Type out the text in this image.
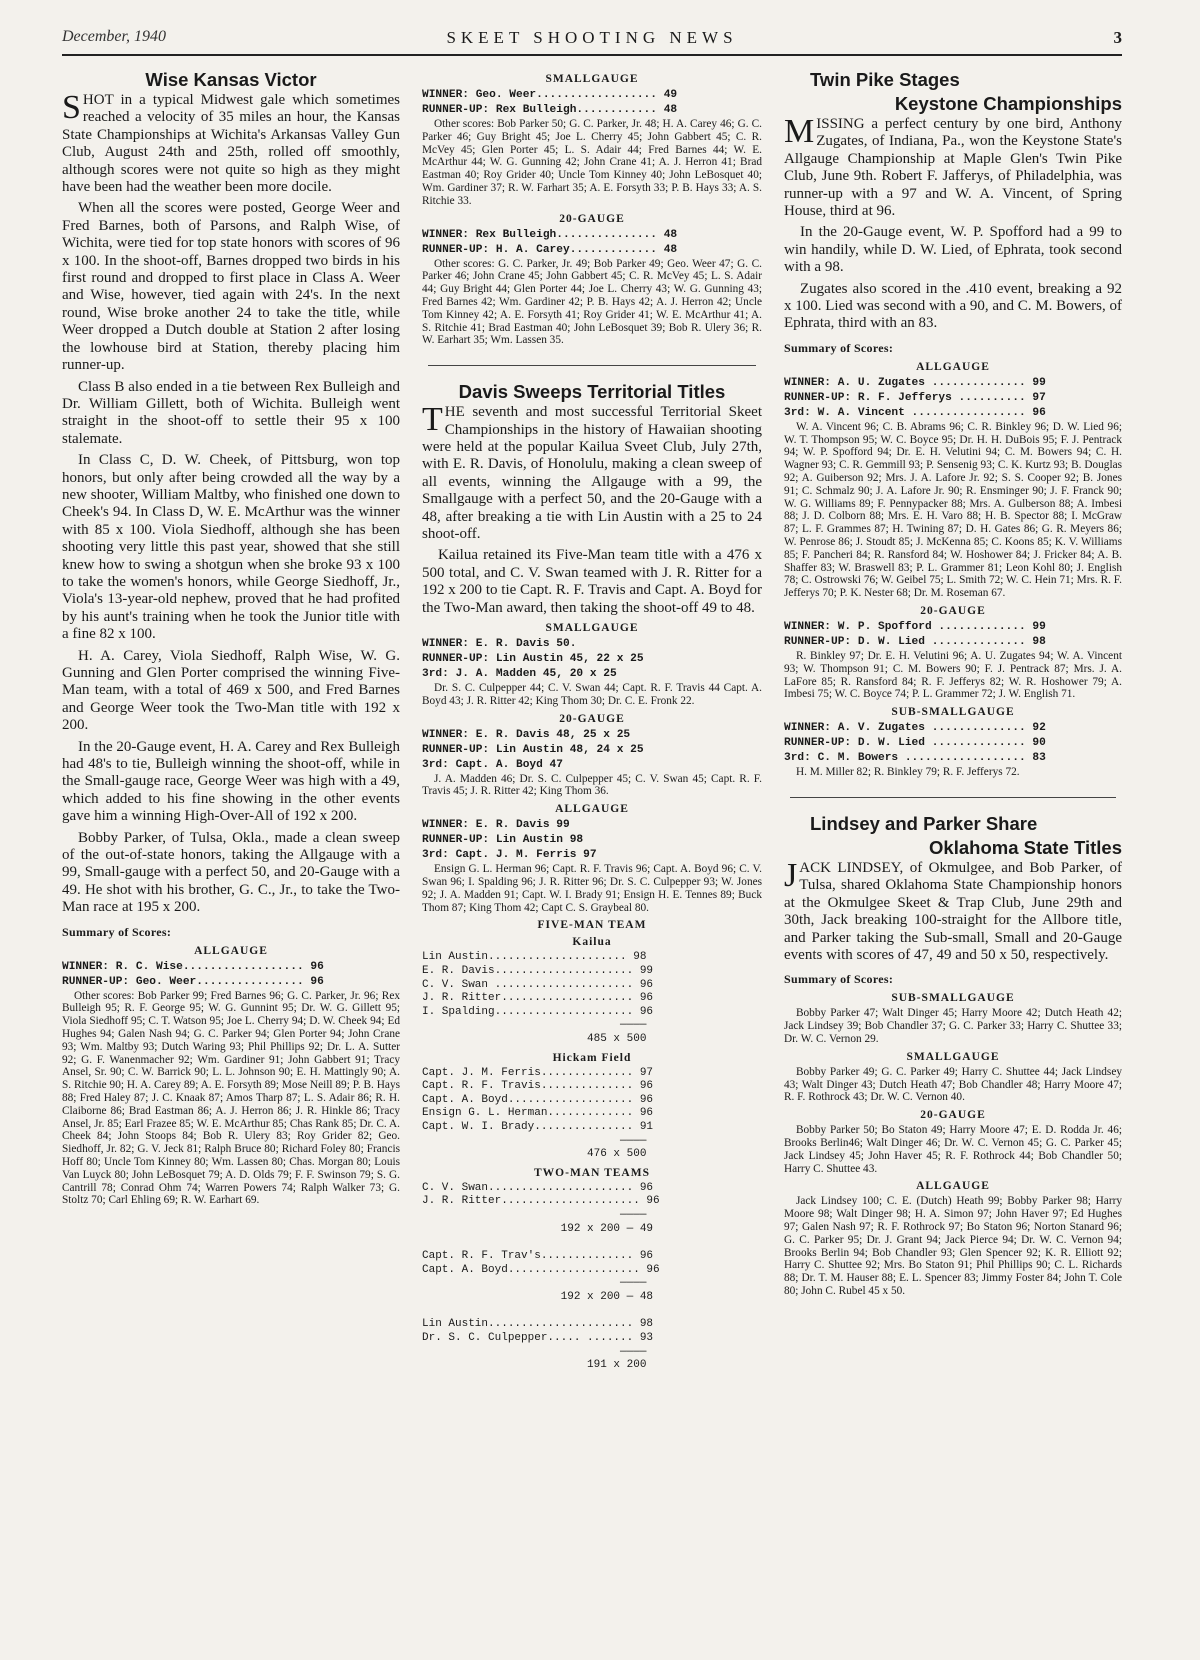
December, 1940	SKEET SHOOTING NEWS	3
Wise Kansas Victor

SHOT in a typical Midwest gale which sometimes reached a velocity of 35 miles an hour, the Kansas State Championships at Wichita's Arkansas Valley Gun Club, August 24th and 25th, rolled off smoothly, although scores were not quite so high as they might have been had the weather been more docile.

When all the scores were posted, George Weer and Fred Barnes, both of Parsons, and Ralph Wise, of Wichita, were tied for top state honors with scores of 96 x 100. In the shoot-off, Barnes dropped two birds in his first round and dropped to first place in Class A. Weer and Wise, however, tied again with 24's. In the next round, Wise broke another 24 to take the title, while Weer dropped a Dutch double at Station 2 after losing the lowhouse bird at Station, thereby placing him runner-up.

Class B also ended in a tie between Rex Bulleigh and Dr. William Gillett, both of Wichita. Bulleigh went straight in the shoot-off to settle their 95 x 100 stalemate.

In Class C, D. W. Cheek, of Pittsburg, won top honors, but only after being crowded all the way by a new shooter, William Maltby, who finished one down to Cheek's 94. In Class D, W. E. McArthur was the winner with 85 x 100. Viola Siedhoff, although she has been shooting very little this past year, showed that she still knew how to swing a shotgun when she broke 93 x 100 to take the women's honors, while George Siedhoff, Jr., Viola's 13-year-old nephew, proved that he had profited by his aunt's training when he took the Junior title with a fine 82 x 100.

H. A. Carey, Viola Siedhoff, Ralph Wise, W. G. Gunning and Glen Porter comprised the winning Five-Man team, with a total of 469 x 500, and Fred Barnes and George Weer took the Two-Man title with 192 x 200.

In the 20-Gauge event, H. A. Carey and Rex Bulleigh had 48's to tie, Bulleigh winning the shoot-off, while in the Small-gauge race, George Weer was high with a 49, which added to his fine showing in the other events gave him a winning High-Over-All of 192 x 200.

Bobby Parker, of Tulsa, Okla., made a clean sweep of the out-of-state honors, taking the Allgauge with a 99, Small-gauge with a perfect 50, and 20-Gauge with a 49. He shot with his brother, G. C., Jr., to take the Two-Man race at 195 x 200.

Summary of Scores:
ALLGAUGE
WINNER: R. C. Wise.................. 96
RUNNER-UP: Geo. Weer................ 96

Other scores: Bob Parker 99; Fred Barnes 96; G. C. Parker, Jr. 96; Rex Bulleigh 95; R. F. George 95; W. G. Gunnint 95; Dr. W. G. Gillett 95; Viola Siedhoff 95; C. T. Watson 95; Joe L. Cherry 94; D. W. Cheek 94; Ed Hughes 94; Galen Nash 94; G. C. Parker 94; Glen Porter 94; John Crane 93; Wm. Maltby 93; Dutch Waring 93; Phil Phillips 92; Dr. L. A. Sutter 92; G. F. Wanenmacher 92; Wm. Gardiner 91; John Gabbert 91; Tracy Ansel, Sr. 90; C. W. Barrick 90; L. L. Johnson 90; E. H. Mattingly 90; A. S. Ritchie 90; H. A. Carey 89; A. E. Forsyth 89; Mose Neill 89; P. B. Hays 88; Fred Haley 87; J. C. Knaak 87; Amos Tharp 87; L. S. Adair 86; R. H. Claiborne 86; Brad Eastman 86; A. J. Herron 86; J. R. Hinkle 86; Tracy Ansel, Jr. 85; Earl Frazee 85; W. E. McArthur 85; Chas Rank 85; Dr. C. A. Cheek 84; John Stoops 84; Bob R. Ulery 83; Roy Grider 82; Geo. Siedhoff, Jr. 82; G. V. Jeck 81; Ralph Bruce 80; Richard Foley 80; Francis Hoff 80; Uncle Tom Kinney 80; Wm. Lassen 80; Chas. Morgan 80; Louis Van Luyck 80; John LeBosquet 79; A. D. Olds 79; F. F. Swinson 79; S. G. Cantrill 78; Conrad Ohm 74; Warren Powers 74; Ralph Walker 73; G. Stoltz 70; Carl Ehling 69; R. W. Earhart 69.

SMALLGAUGE
WINNER: Geo. Weer.................. 49
RUNNER-UP: Rex Bulleigh............ 48

Other scores: Bob Parker 50; G. C. Parker, Jr. 48; H. A. Carey 46; G. C. Parker 46; Guy Bright 45; Joe L. Cherry 45; John Gabbert 45; C. R. McVey 45; Glen Porter 45; L. S. Adair 44; Fred Barnes 44; W. E. McArthur 44; W. G. Gunning 42; John Crane 41; A. J. Herron 41; Brad Eastman 40; Roy Grider 40; Uncle Tom Kinney 40; John LeBosquet 40; Wm. Gardiner 37; R. W. Farhart 35; A. E. Forsyth 33; P. B. Hays 33; A. S. Ritchie 33.

20-GAUGE
WINNER: Rex Bulleigh............... 48
RUNNER-UP: H. A. Carey............. 48

Other scores: G. C. Parker, Jr. 49; Bob Parker 49; Geo. Weer 47; G. C. Parker 46; John Crane 45; John Gabbert 45; C. R. McVey 45; L. S. Adair 44; Guy Bright 44; Glen Porter 44; Joe L. Cherry 43; W. G. Gunning 43; Fred Barnes 42; Wm. Gardiner 42; P. B. Hays 42; A. J. Herron 42; Uncle Tom Kinney 42; A. E. Forsyth 41; Roy Grider 41; W. E. McArthur 41; A. S. Ritchie 41; Brad Eastman 40; John LeBosquet 39; Bob R. Ulery 36; R. W. Earhart 35; Wm. Lassen 35.

Davis Sweeps Territorial Titles

THE seventh and most successful Territorial Skeet Championships in the history of Hawaiian shooting were held at the popular Kailua Sveet Club, July 27th, with E. R. Davis, of Honolulu, making a clean sweep of all events, winning the Allgauge with a 99, the Smallgauge with a perfect 50, and the 20-Gauge with a 48, after breaking a tie with Lin Austin with a 25 to 24 shoot-off.

Kailua retained its Five-Man team title with a 476 x 500 total, and C. V. Swan teamed with J. R. Ritter for a 192 x 200 to tie Capt. R. F. Travis and Capt. A. Boyd for the Two-Man award, then taking the shoot-off 49 to 48.

SMALLGAUGE
WINNER: E. R. Davis 50.
RUNNER-UP: Lin Austin 45, 22 x 25
3rd: J. A. Madden 45, 20 x 25

Dr. S. C. Culpepper 44; C. V. Swan 44; Capt. R. F. Travis 44 Capt. A. Boyd 43; J. R. Ritter 42; King Thom 30; Dr. C. E. Fronk 22.

20-GAUGE
WINNER: E. R. Davis 48, 25 x 25
RUNNER-UP: Lin Austin 48, 24 x 25
3rd: Capt. A. Boyd 47

J. A. Madden 46; Dr. S. C. Culpepper 45; C. V. Swan 45; Capt. R. F. Travis 45; J. R. Ritter 42; King Thom 36.

ALLGAUGE
WINNER: E. R. Davis 99
RUNNER-UP: Lin Austin 98
3rd: Capt. J. M. Ferris 97

Ensign G. L. Herman 96; Capt. R. F. Travis 96; Capt. A. Boyd 96; C. V. Swan 96; I. Spalding 96; J. R. Ritter 96; Dr. S. C. Culpepper 93; W. Jones 92; J. A. Madden 91; Capt. W. I. Brady 91; Ensign H. E. Tennes 89; Buck Thom 87; King Thom 42; Capt C. S. Graybeal 80.

FIVE-MAN TEAM
Kailua
Lin Austin..................... 98
E. R. Davis..................... 99
C. V. Swan ..................... 96
J. R. Ritter.................... 96
I. Spalding..................... 96
————
485 x 500
Hickam Field
Capt. J. M. Ferris.............. 97
Capt. R. F. Travis.............. 96
Capt. A. Boyd................... 96
Ensign G. L. Herman............. 96
Capt. W. I. Brady............... 91
————
476 x 500
TWO-MAN TEAMS
C. V. Swan...................... 96
J. R. Ritter..................... 96
————
192 x 200 — 49
Capt. R. F. Trav's.............. 96
Capt. A. Boyd.................... 96
————
192 x 200 — 48
Lin Austin...................... 98
Dr. S. C. Culpepper..... ....... 93
————
191 x 200
Twin Pike Stages
Keystone Championships

MISSING a perfect century by one bird, Anthony Zugates, of Indiana, Pa., won the Keystone State's Allgauge Championship at Maple Glen's Twin Pike Club, June 9th. Robert F. Jafferys, of Philadelphia, was runner-up with a 97 and W. A. Vincent, of Spring House, third at 96.

In the 20-Gauge event, W. P. Spofford had a 99 to win handily, while D. W. Lied, of Ephrata, took second with a 98.

Zugates also scored in the .410 event, breaking a 92 x 100. Lied was second with a 90, and C. M. Bowers, of Ephrata, third with an 83.

Summary of Scores:
ALLGAUGE
WINNER: A. U. Zugates .............. 99
RUNNER-UP: R. F. Jefferys .......... 97
3rd: W. A. Vincent ................. 96

W. A. Vincent 96; C. B. Abrams 96; C. R. Binkley 96; D. W. Lied 96; W. T. Thompson 95; W. C. Boyce 95; Dr. H. H. DuBois 95; F. J. Pentrack 94; W. P. Spofford 94; Dr. E. H. Velutini 94; C. M. Bowers 94; C. H. Wagner 93; C. R. Gemmill 93; P. Sensenig 93; C. K. Kurtz 93; B. Douglas 92; A. Guiberson 92; Mrs. J. A. Lafore Jr. 92; S. S. Cooper 92; B. Jones 91; C. Schmalz 90; J. A. Lafore Jr. 90; R. Ensminger 90; J. F. Franck 90; W. G. Williams 89; F. Pennypacker 88; Mrs. A. Gulberson 88; A. Imbesi 88; J. D. Colborn 88; Mrs. E. H. Varo 88; H. B. Spector 88; I. McGraw 87; L. F. Grammes 87; H. Twining 87; D. H. Gates 86; G. R. Meyers 86; W. Penrose 86; J. Stoudt 85; J. McKenna 85; C. Koons 85; K. V. Williams 85; F. Pancheri 84; R. Ransford 84; W. Hoshower 84; J. Fricker 84; A. B. Shaffer 83; W. Braswell 83; P. L. Grammer 81; Leon Kohl 80; J. English 78; C. Ostrowski 76; W. Geibel 75; L. Smith 72; W. C. Hein 71; Mrs. R. F. Jefferys 70; P. K. Nester 68; Dr. M. Roseman 67.

20-GAUGE
WINNER: W. P. Spofford ............. 99
RUNNER-UP: D. W. Lied .............. 98

R. Binkley 97; Dr. E. H. Velutini 96; A. U. Zugates 94; W. A. Vincent 93; W. Thompson 91; C. M. Bowers 90; F. J. Pentrack 87; Mrs. J. A. LaFore 85; R. Ransford 84; R. F. Jefferys 82; W. R. Hoshower 79; A. Imbesi 75; W. C. Boyce 74; P. L. Grammer 72; J. W. English 71.

SUB-SMALLGAUGE
WINNER: A. V. Zugates .............. 92
RUNNER-UP: D. W. Lied .............. 90
3rd: C. M. Bowers .................. 83

H. M. Miller 82; R. Binkley 79; R. F. Jefferys 72.

Lindsey and Parker Share
Oklahoma State Titles

JACK LINDSEY, of Okmulgee, and Bob Parker, of Tulsa, shared Oklahoma State Championship honors at the Okmulgee Skeet & Trap Club, June 29th and 30th, Jack breaking 100-straight for the Allbore title, and Parker taking the Sub-small, Small and 20-Gauge events with scores of 47, 49 and 50 x 50, respectively.

Summary of Scores:
SUB-SMALLGAUGE

Bobby Parker 47; Walt Dinger 45; Harry Moore 42; Dutch Heath 42; Jack Lindsey 39; Bob Chandler 37; G. C. Parker 33; Harry C. Shuttee 33; Dr. W. C. Vernon 29.

SMALLGAUGE

Bobby Parker 49; G. C. Parker 49; Harry C. Shuttee 44; Jack Lindsey 43; Walt Dinger 43; Dutch Heath 47; Bob Chandler 48; Harry Moore 47; R. F. Rothrock 43; Dr. W. C. Vernon 40.

20-GAUGE

Bobby Parker 50; Bo Staton 49; Harry Moore 47; E. D. Rodda Jr. 46; Brooks Berlin46; Walt Dinger 46; Dr. W. C. Vernon 45; G. C. Parker 45; Jack Lindsey 45; John Haver 45; R. F. Rothrock 44; Bob Chandler 50; Harry C. Shuttee 43.

ALLGAUGE

Jack Lindsey 100; C. E. (Dutch) Heath 99; Bobby Parker 98; Harry Moore 98; Walt Dinger 98; H. A. Simon 97; John Haver 97; Ed Hughes 97; Galen Nash 97; R. F. Rothrock 97; Bo Staton 96; Norton Stanard 96; G. C. Parker 95; Dr. J. Grant 94; Jack Pierce 94; Dr. W. C. Vernon 94; Brooks Berlin 94; Bob Chandler 93; Glen Spencer 92; K. R. Elliott 92; Harry C. Shuttee 92; Mrs. Bo Staton 91; Phil Phillips 90; C. L. Richards 88; Dr. T. M. Hauser 88; E. L. Spencer 83; Jimmy Foster 84; John T. Cole 80; John C. Rubel 45 x 50.
